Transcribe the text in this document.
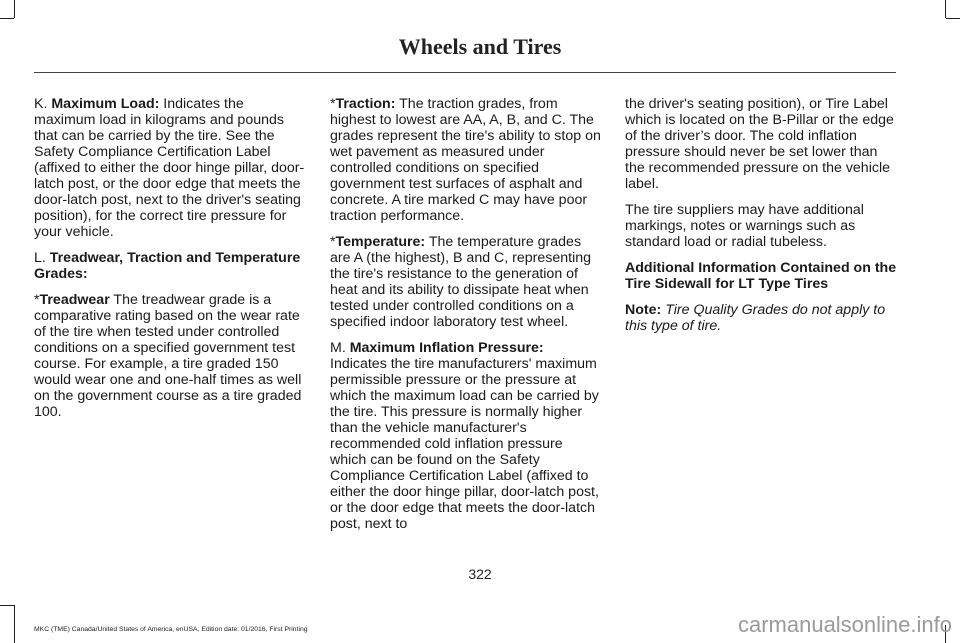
Wheels and Tires

K. Maximum Load: Indicates the maximum load in kilograms and pounds that can be carried by the tire. See the Safety Compliance Certification Label (affixed to either the door hinge pillar, door-latch post, or the door edge that meets the door-latch post, next to the driver's seating position), for the correct tire pressure for your vehicle.

L. Treadwear, Traction and Temperature Grades:

*Treadwear The treadwear grade is a comparative rating based on the wear rate of the tire when tested under controlled conditions on a specified government test course. For example, a tire graded 150 would wear one and one-half times as well on the government course as a tire graded 100.

*Traction: The traction grades, from highest to lowest are AA, A, B, and C. The grades represent the tire's ability to stop on wet pavement as measured under controlled conditions on specified government test surfaces of asphalt and concrete. A tire marked C may have poor traction performance.

*Temperature: The temperature grades are A (the highest), B and C, representing the tire's resistance to the generation of heat and its ability to dissipate heat when tested under controlled conditions on a specified indoor laboratory test wheel.

M. Maximum Inflation Pressure: Indicates the tire manufacturers' maximum permissible pressure or the pressure at which the maximum load can be carried by the tire. This pressure is normally higher than the vehicle manufacturer's recommended cold inflation pressure which can be found on the Safety Compliance Certification Label (affixed to either the door hinge pillar, door-latch post, or the door edge that meets the door-latch post, next to

the driver's seating position), or Tire Label which is located on the B-Pillar or the edge of the driver’s door. The cold inflation pressure should never be set lower than the recommended pressure on the vehicle label.

The tire suppliers may have additional markings, notes or warnings such as standard load or radial tubeless.

Additional Information Contained on the Tire Sidewall for LT Type Tires

Note: Tire Quality Grades do not apply to this type of tire.

322
MKC (TME) Canada/United States of America, enUSA, Edition date: 01/2016, First Printing	carmanualsonline.info
